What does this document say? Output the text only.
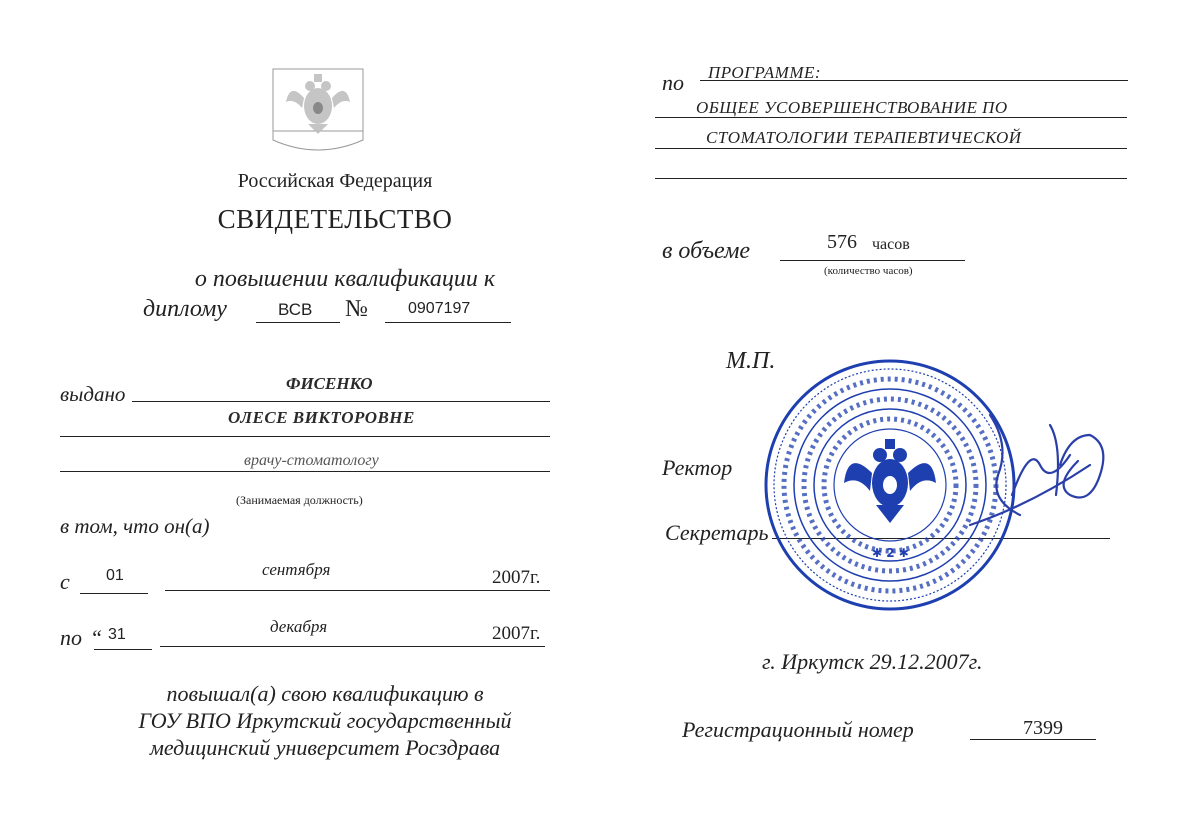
Российская Федерация
СВИДЕТЕЛЬСТВО
о повышении квалификации к
диплому	ВСВ №	0907197
выдано	ФИСЕНКО
ОЛЕСЕ ВИКТОРОВНЕ
врачу-стоматологу
(Занимаемая должность)
в том, что он(а)
с 01	сентября	2007г.
по “ 31	декабря	2007г.
повышал(а) свою квалификацию в
ГОУ ВПО Иркутский государственный
медицинский университет Росздрава
по ПРОГРАММЕ:
ОБЩЕЕ УСОВЕРШЕНСТВОВАНИЕ ПО
СТОМАТОЛОГИИ ТЕРАПЕВТИЧЕСКОЙ
в объеме	576 часов
(количество часов)
М.П.
Ректор
Секретарь
✱ 2 ✱
г. Иркутск 29.12.2007г.
Регистрационный номер	7399
